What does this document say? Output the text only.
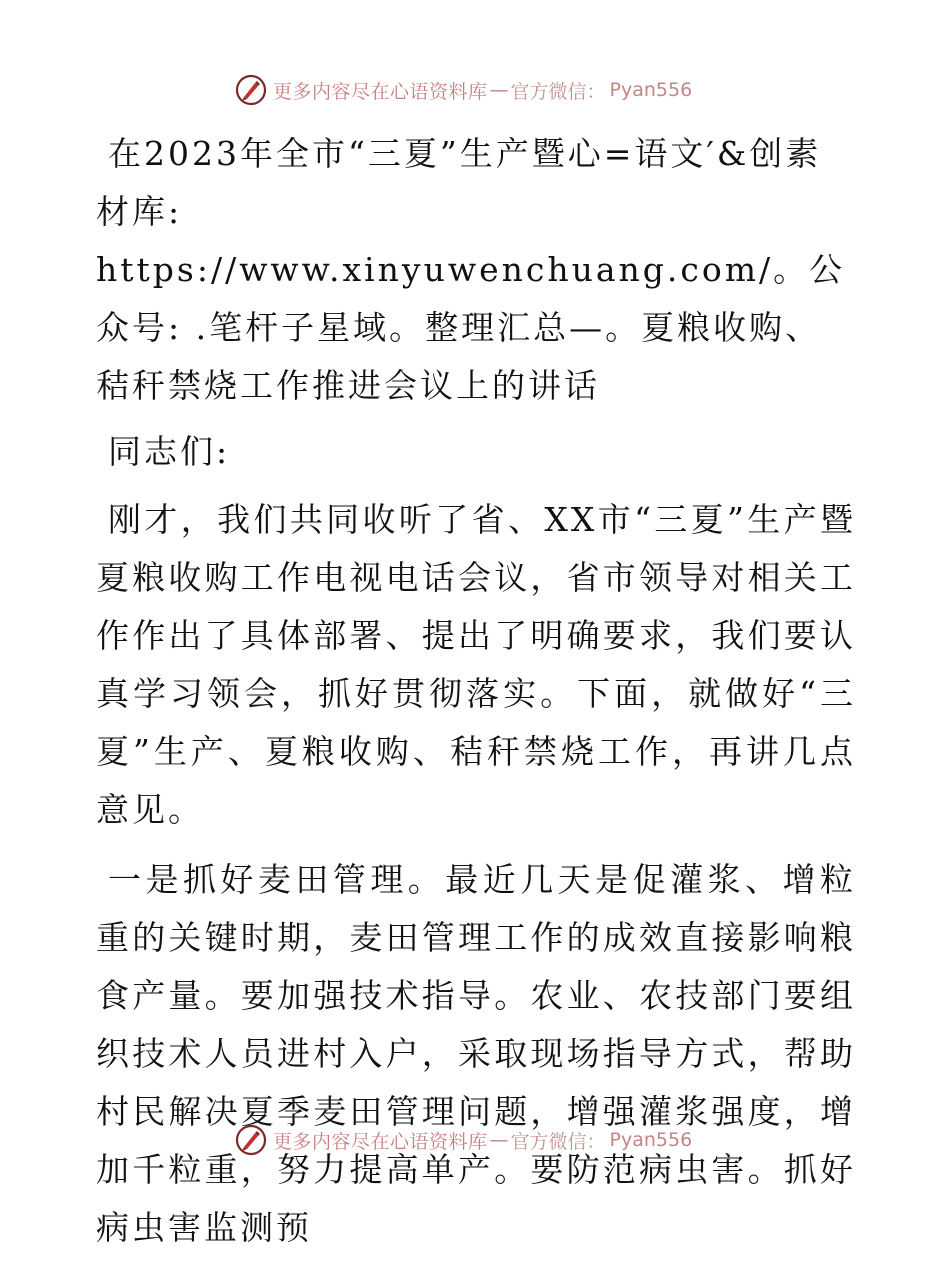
更多内容尽在心语资料库 — 官方微信： Pyan556

在2023年全市“三夏”生产暨心=语文′&创素材库: https://www.xinyuwenchuang.com/。公众号: .笔杆子星域。整理汇总—。夏粮收购、秸秆禁烧工作推进会议上的讲话

同志们:

刚才，我们共同收听了省、XX市“三夏”生产暨夏粮收购工作电视电话会议，省市领导对相关工作作出了具体部署、提出了明确要求，我们要认真学习领会，抓好贯彻落实。下面，就做好“三夏”生产、夏粮收购、秸秆禁烧工作，再讲几点意见。

一是抓好麦田管理。最近几天是促灌浆、增粒重的关键时期，麦田管理工作的成效直接影响粮食产量。要加强技术指导。农业、农技部门要组织技术人员进村入户，采取现场指导方式，帮助村民解决夏季麦田管理问题，增强灌浆强度，增加千粒重，努力提高单产。要防范病虫害。抓好病虫害监测预

更多内容尽在心语资料库 — 官方微信： Pyan556
